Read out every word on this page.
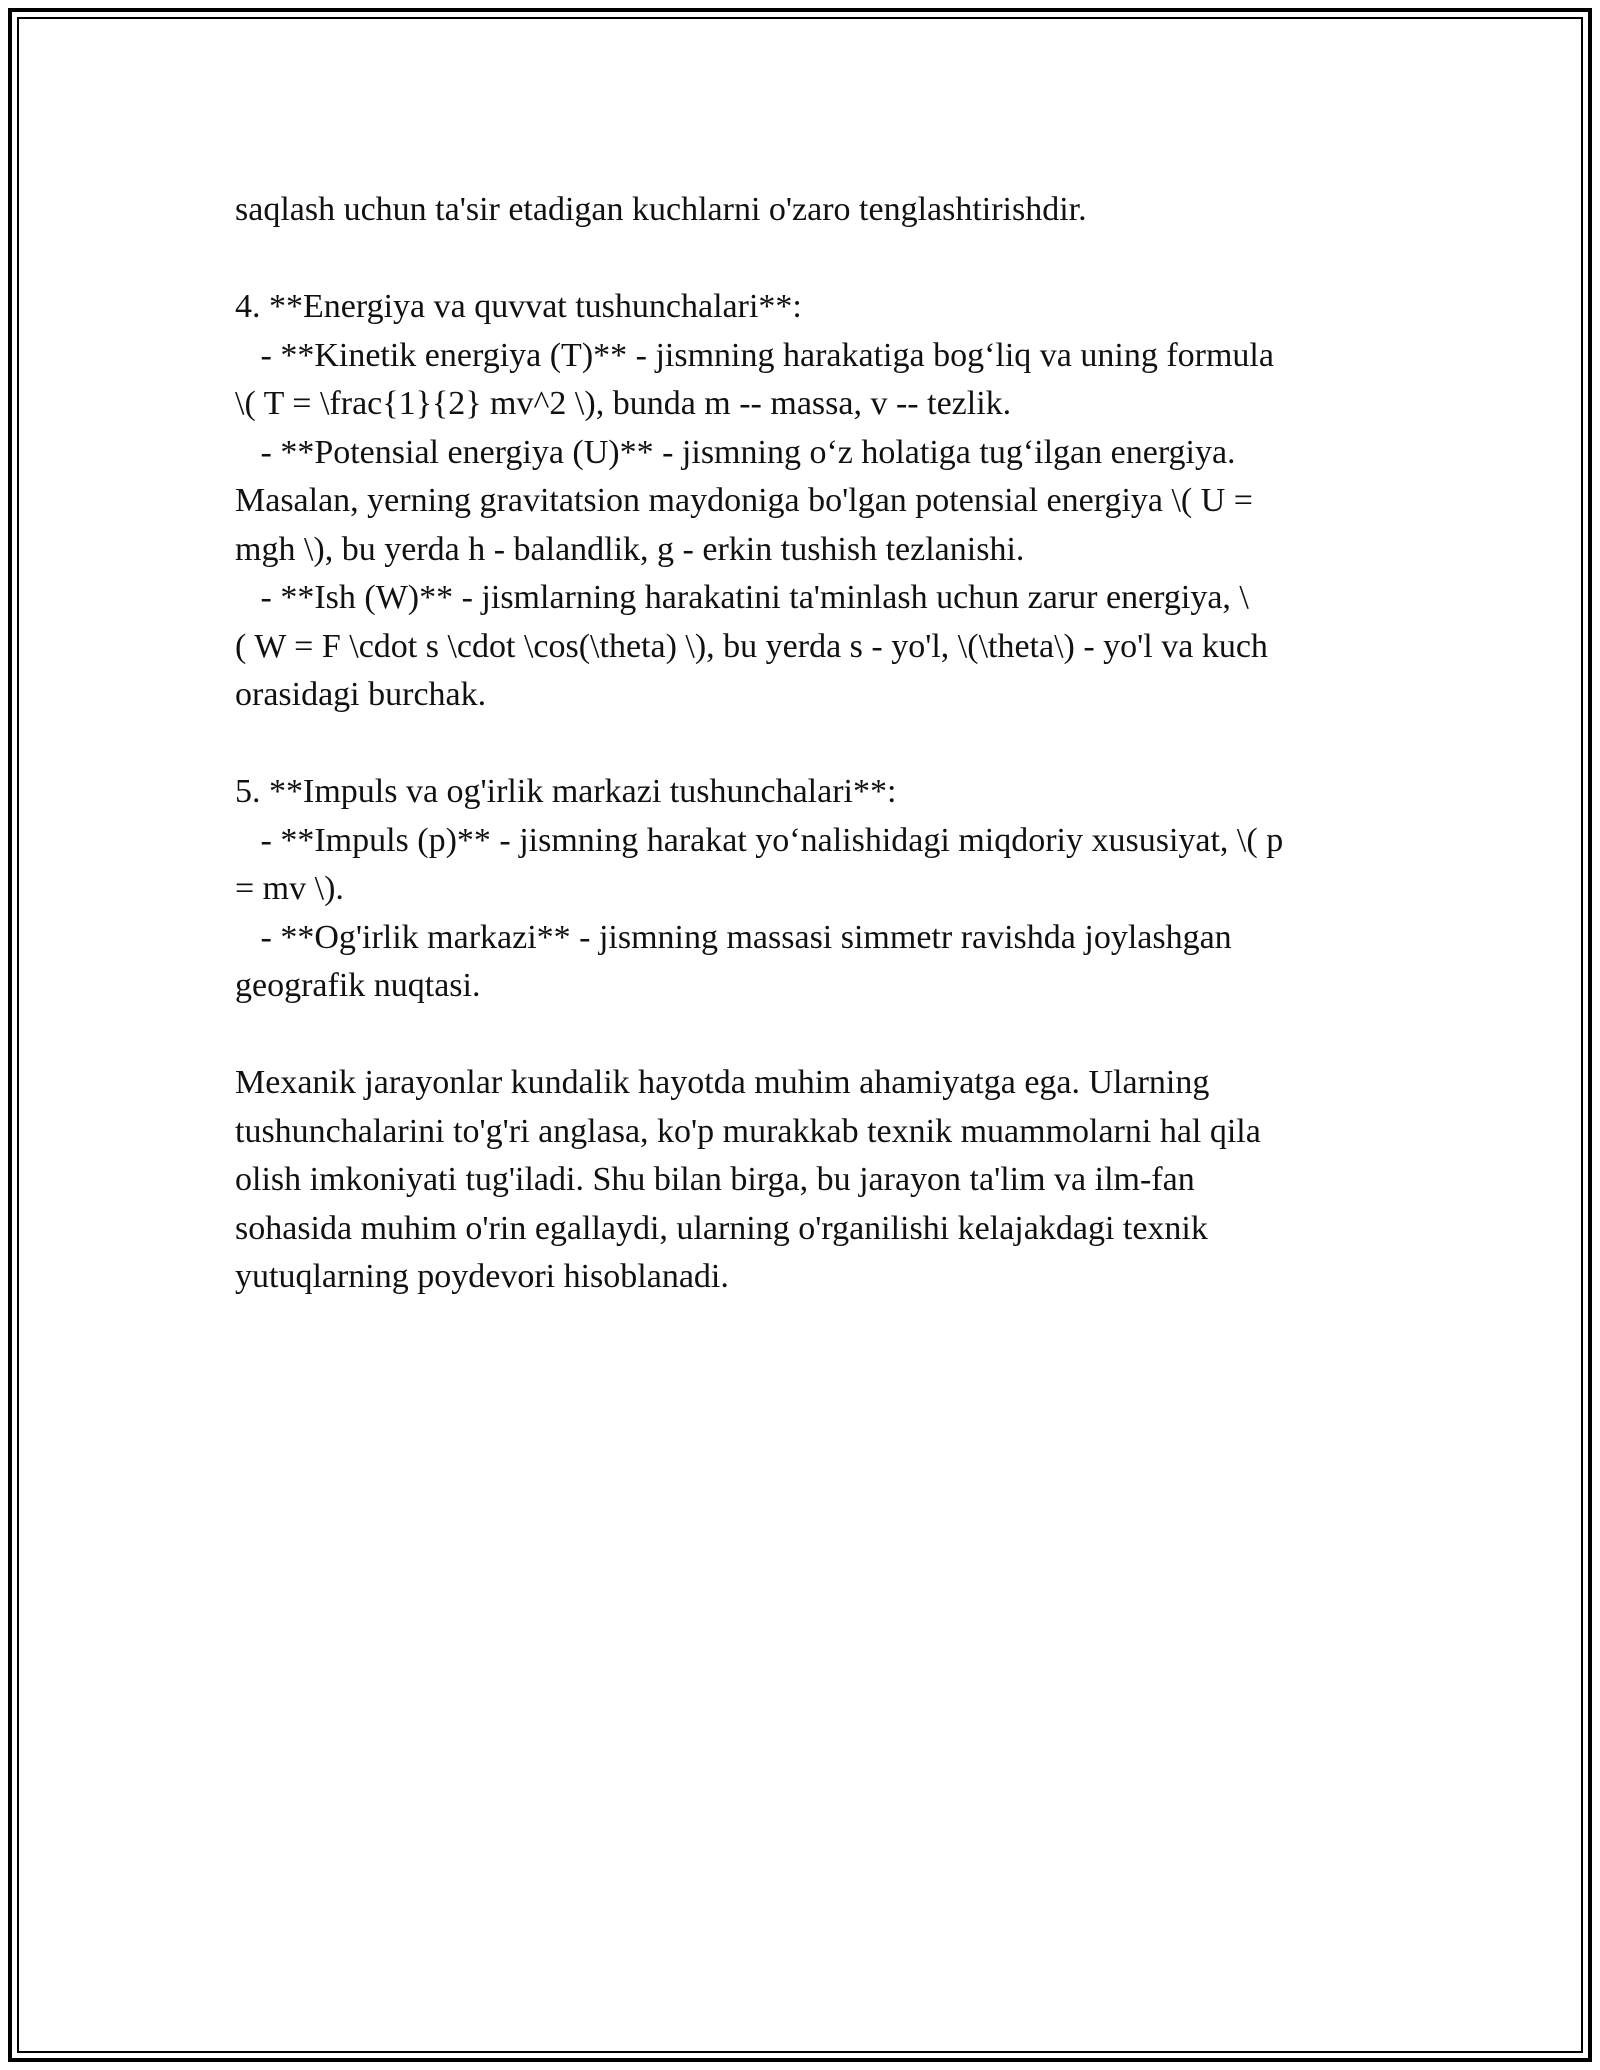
saqlash uchun ta'sir etadigan kuchlarni o'zaro tenglashtirishdir.
4. **Energiya va quvvat tushunchalari**:
- **Kinetik energiya (T)** - jismning harakatiga bog‘liq va uning formula
\( T = \frac{1}{2} mv^2 \), bunda m -- massa, v -- tezlik.
- **Potensial energiya (U)** - jismning o‘z holatiga tug‘ilgan energiya.
Masalan, yerning gravitatsion maydoniga bo'lgan potensial energiya \( U =
mgh \), bu yerda h - balandlik, g - erkin tushish tezlanishi.
- **Ish (W)** - jismlarning harakatini ta'minlash uchun zarur energiya, \
( W = F \cdot s \cdot \cos(\theta) \), bu yerda s - yo'l, \(\theta\) - yo'l va kuch
orasidagi burchak.
5. **Impuls va og'irlik markazi tushunchalari**:
- **Impuls (p)** - jismning harakat yo‘nalishidagi miqdoriy xususiyat, \( p
= mv \).
- **Og'irlik markazi** - jismning massasi simmetr ravishda joylashgan
geografik nuqtasi.
Mexanik jarayonlar kundalik hayotda muhim ahamiyatga ega. Ularning
tushunchalarini to'g'ri anglasa, ko'p murakkab texnik muammolarni hal qila
olish imkoniyati tug'iladi. Shu bilan birga, bu jarayon ta'lim va ilm-fan
sohasida muhim o'rin egallaydi, ularning o'rganilishi kelajakdagi texnik
yutuqlarning poydevori hisoblanadi.
